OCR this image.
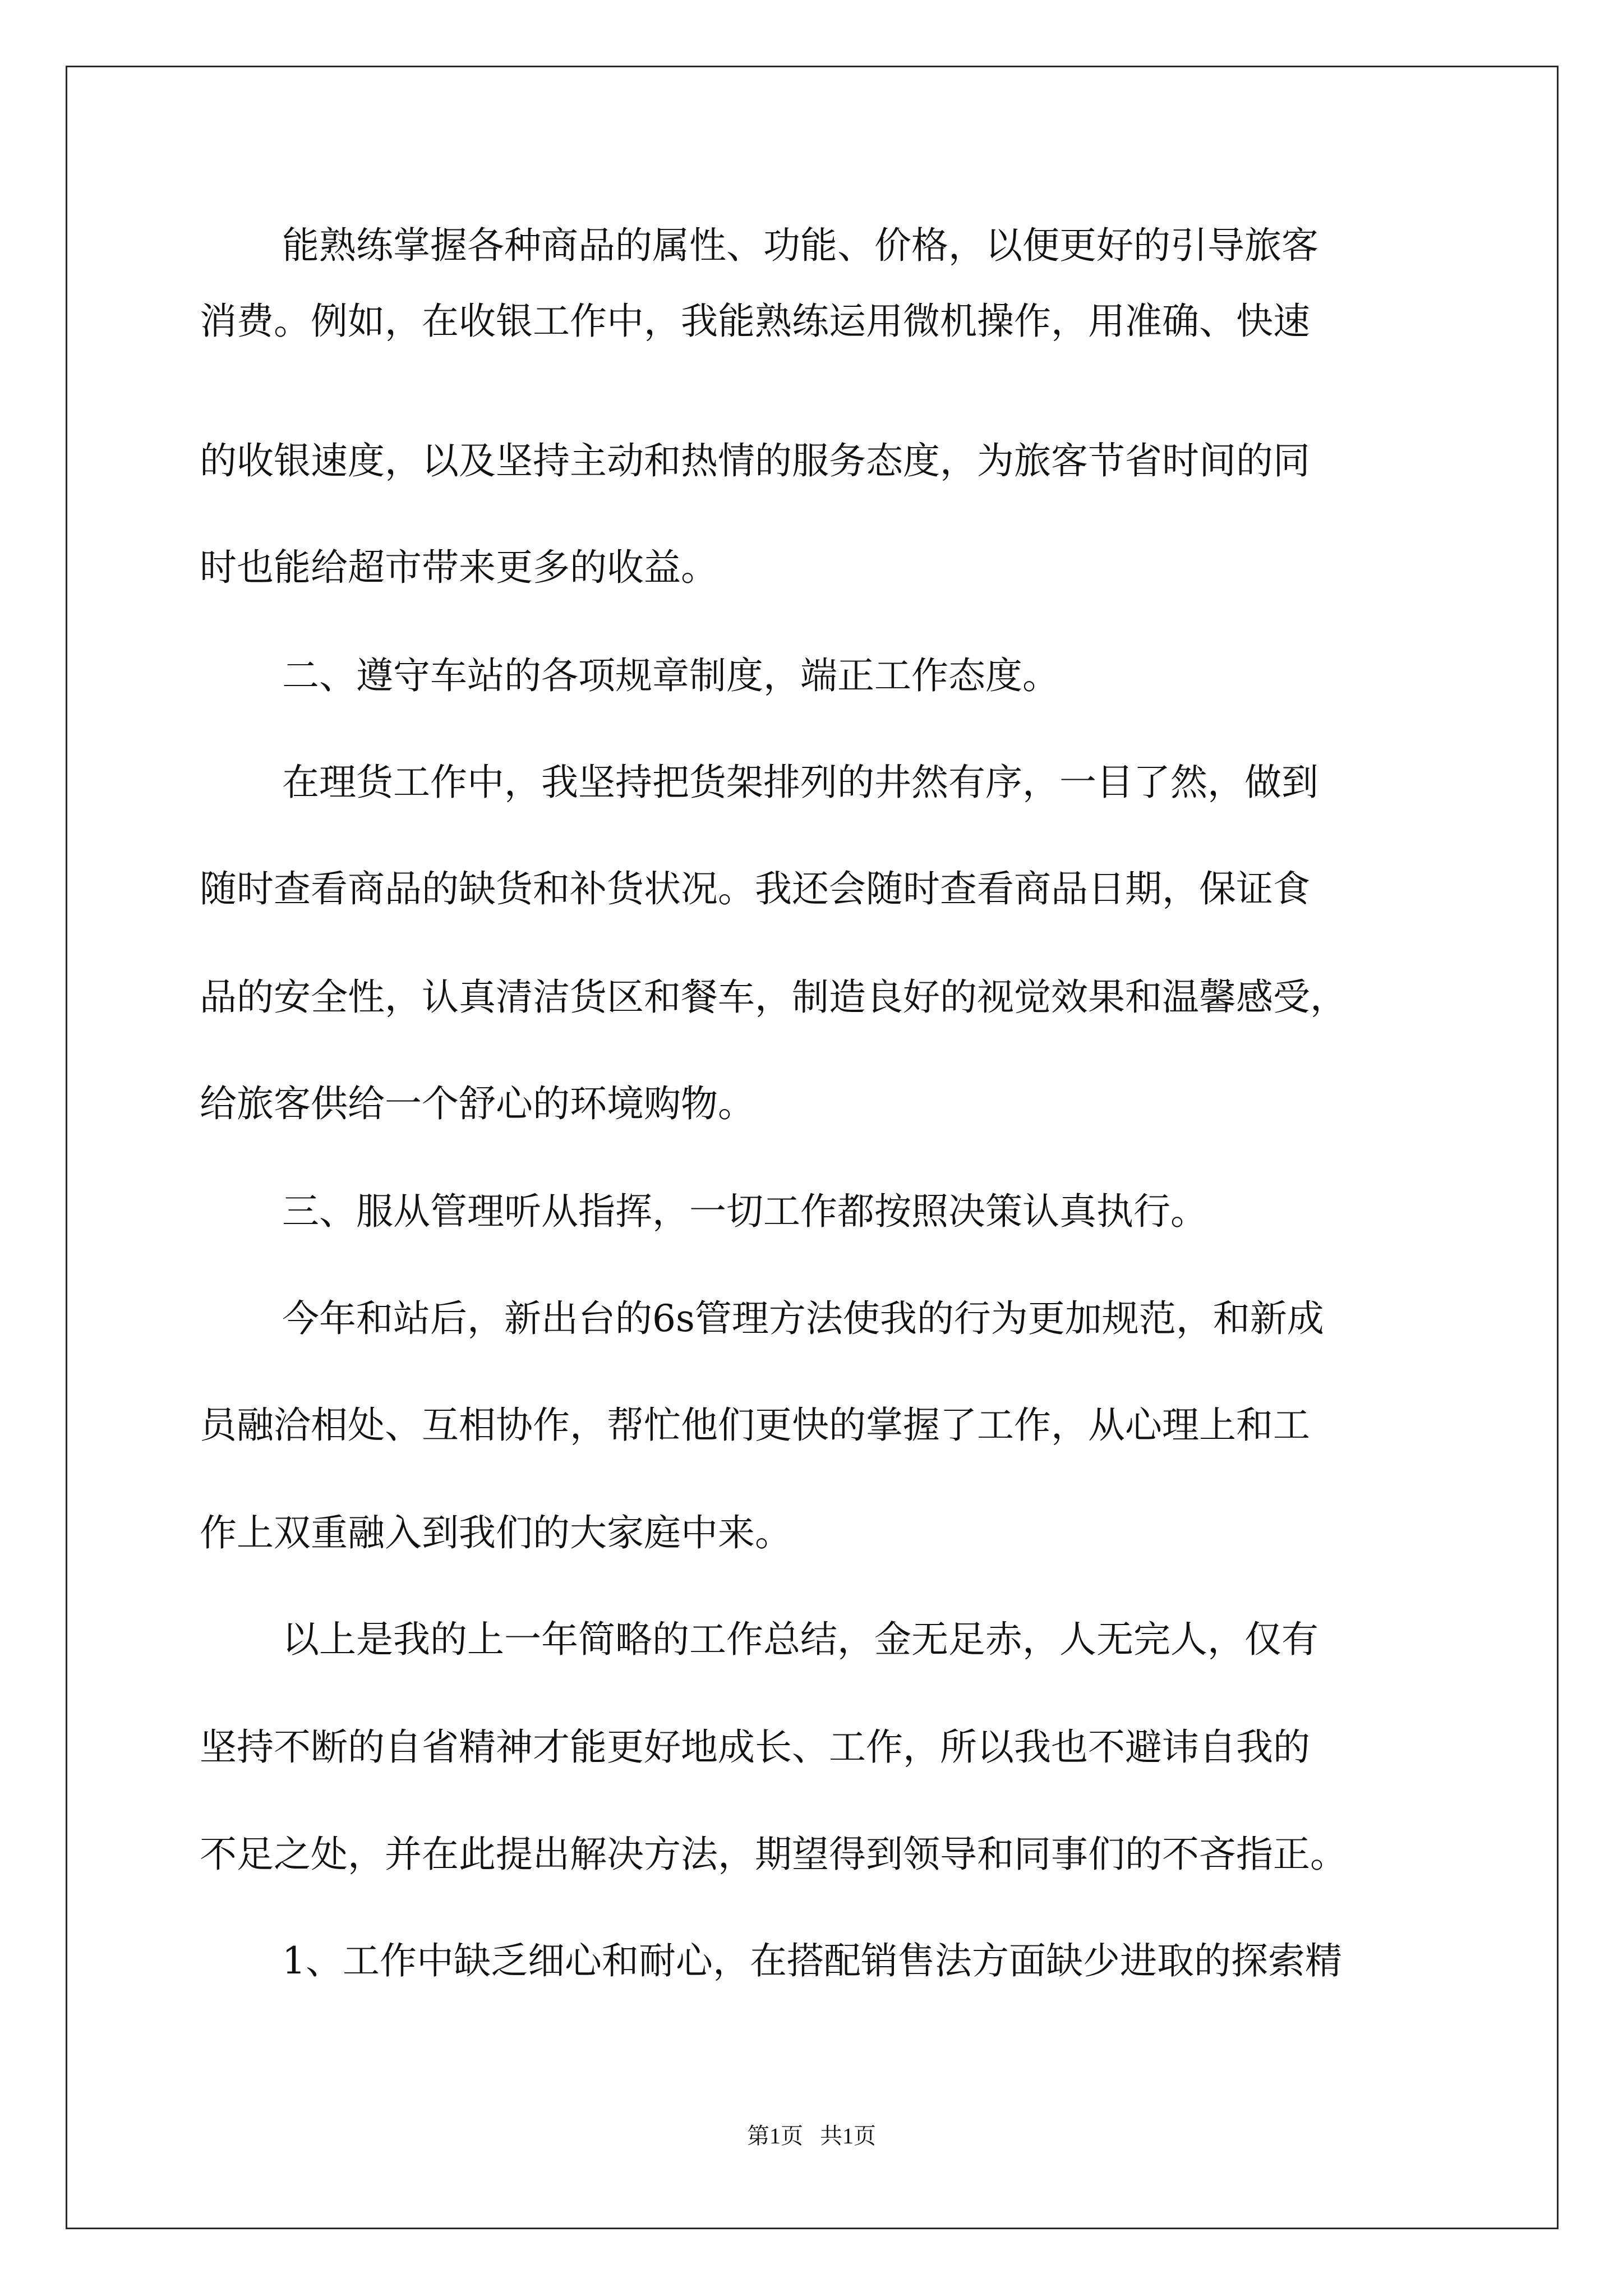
能熟练掌握各种商品的属性、功能、价格，以便更好的引导旅客
消费。例如，在收银工作中，我能熟练运用微机操作，用准确、快速
的收银速度，以及坚持主动和热情的服务态度，为旅客节省时间的同
时也能给超市带来更多的收益。
二、遵守车站的各项规章制度，端正工作态度。
在理货工作中，我坚持把货架排列的井然有序，一目了然，做到
随时查看商品的缺货和补货状况。我还会随时查看商品日期，保证食
品的安全性，认真清洁货区和餐车，制造良好的视觉效果和温馨感受，
给旅客供给一个舒心的环境购物。
三、服从管理听从指挥，一切工作都按照决策认真执行。
今年和站后，新出台的6s管理方法使我的行为更加规范，和新成
员融洽相处、互相协作，帮忙他们更快的掌握了工作，从心理上和工
作上双重融入到我们的大家庭中来。
以上是我的上一年简略的工作总结，金无足赤，人无完人，仅有
坚持不断的自省精神才能更好地成长、工作，所以我也不避讳自我的
不足之处，并在此提出解决方法，期望得到领导和同事们的不吝指正。
1、工作中缺乏细心和耐心，在搭配销售法方面缺少进取的探索精
第1页   共1页
